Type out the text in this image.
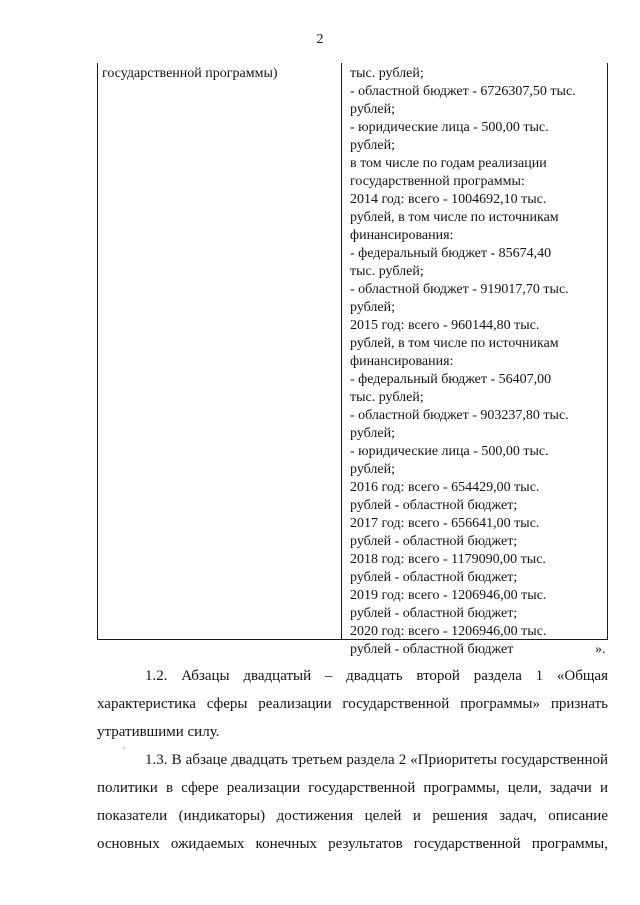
2
государственной программы)	тыс. рублей;
- областной бюджет - 6726307,50 тыс.
рублей;
- юридические лица - 500,00 тыс.
рублей;
в том числе по годам реализации
государственной программы:
2014 год: всего - 1004692,10 тыс.
рублей, в том числе по источникам
финансирования:
- федеральный бюджет - 85674,40
тыс. рублей;
- областной бюджет - 919017,70 тыс.
рублей;
2015 год: всего - 960144,80 тыс.
рублей, в том числе по источникам
финансирования:
- федеральный бюджет - 56407,00
тыс. рублей;
- областной бюджет - 903237,80 тыс.
рублей;
- юридические лица - 500,00 тыс.
рублей;
2016 год: всего - 654429,00 тыс.
рублей - областной бюджет;
2017 год: всего - 656641,00 тыс.
рублей - областной бюджет;
2018 год: всего - 1179090,00 тыс.
рублей - областной бюджет;
2019 год: всего - 1206946,00 тыс.
рублей - областной бюджет;
2020 год: всего - 1206946,00 тыс.
рублей - областной бюджет	».
1.2. Абзацы двадцатый – двадцать второй раздела 1 «Общая
характеристика сферы реализации государственной программы» признать
утратившими силу.
·
1.3. В абзаце двадцать третьем раздела 2 «Приоритеты государственной
политики в сфере реализации государственной программы, цели, задачи и
показатели (индикаторы) достижения целей и решения задач, описание
основных ожидаемых конечных результатов государственной программы,
